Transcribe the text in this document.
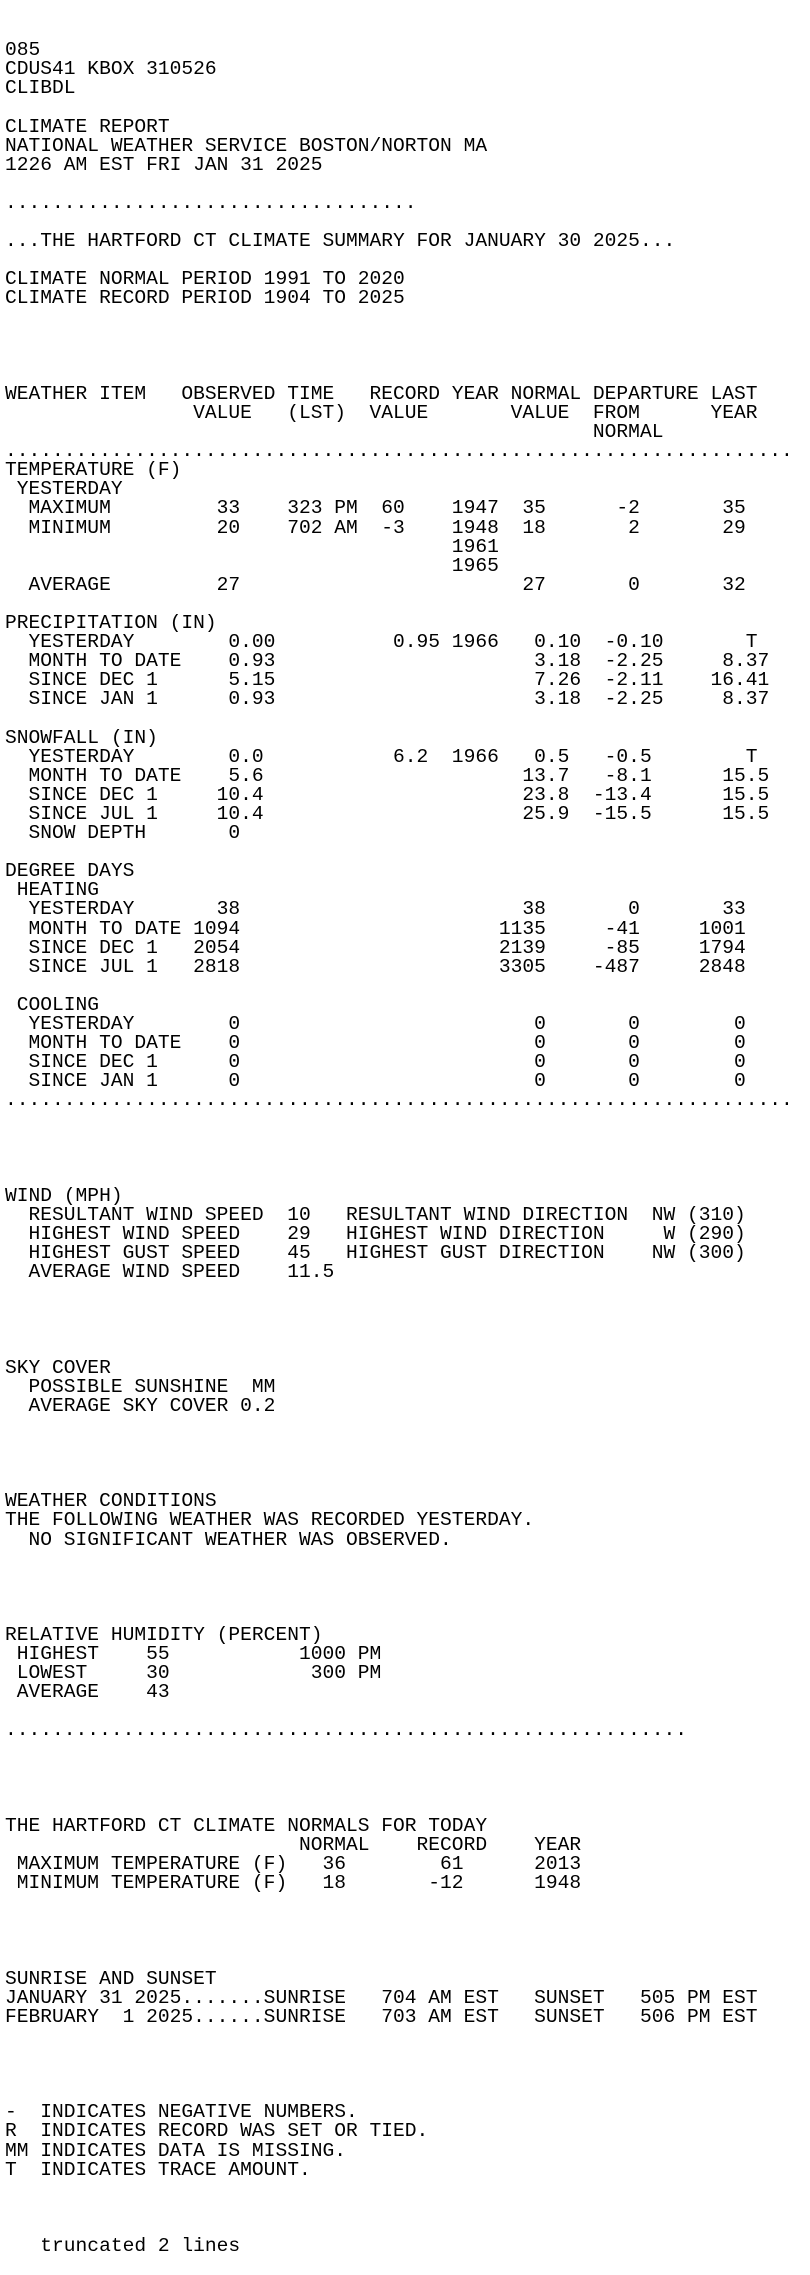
085
CDUS41 KBOX 310526
CLIBDL
CLIMATE REPORT
NATIONAL WEATHER SERVICE BOSTON/NORTON MA
1226 AM EST FRI JAN 31 2025
...................................
...THE HARTFORD CT CLIMATE SUMMARY FOR JANUARY 30 2025...
CLIMATE NORMAL PERIOD 1991 TO 2020
CLIMATE RECORD PERIOD 1904 TO 2025

WEATHER ITEM   OBSERVED TIME   RECORD YEAR NORMAL DEPARTURE LAST
VALUE   (LST)  VALUE       VALUE  FROM      YEAR
NORMAL
...................................................................
TEMPERATURE (F)
YESTERDAY
MAXIMUM         33    323 PM  60    1947  35      -2       35
MINIMUM         20    702 AM  -3    1948  18       2       29
1961
1965
AVERAGE         27                        27       0       32
PRECIPITATION (IN)
YESTERDAY        0.00          0.95 1966   0.10  -0.10       T
MONTH TO DATE    0.93                      3.18  -2.25     8.37
SINCE DEC 1      5.15                      7.26  -2.11    16.41
SINCE JAN 1      0.93                      3.18  -2.25     8.37
SNOWFALL (IN)
YESTERDAY        0.0           6.2  1966   0.5   -0.5        T
MONTH TO DATE    5.6                      13.7   -8.1      15.5
SINCE DEC 1     10.4                      23.8  -13.4      15.5
SINCE JUL 1     10.4                      25.9  -15.5      15.5
SNOW DEPTH       0
DEGREE DAYS
HEATING
YESTERDAY       38                        38       0       33
MONTH TO DATE 1094                      1135     -41     1001
SINCE DEC 1   2054                      2139     -85     1794
SINCE JUL 1   2818                      3305    -487     2848
COOLING
YESTERDAY        0                         0       0        0
MONTH TO DATE    0                         0       0        0
SINCE DEC 1      0                         0       0        0
SINCE JAN 1      0                         0       0        0
...................................................................

WIND (MPH)
RESULTANT WIND SPEED  10   RESULTANT WIND DIRECTION  NW (310)
HIGHEST WIND SPEED    29   HIGHEST WIND DIRECTION     W (290)
HIGHEST GUST SPEED    45   HIGHEST GUST DIRECTION    NW (300)
AVERAGE WIND SPEED    11.5

SKY COVER
POSSIBLE SUNSHINE  MM
AVERAGE SKY COVER 0.2

WEATHER CONDITIONS
THE FOLLOWING WEATHER WAS RECORDED YESTERDAY.
NO SIGNIFICANT WEATHER WAS OBSERVED.

RELATIVE HUMIDITY (PERCENT)
HIGHEST    55           1000 PM
LOWEST     30            300 PM
AVERAGE    43
..........................................................

THE HARTFORD CT CLIMATE NORMALS FOR TODAY
NORMAL    RECORD    YEAR
MAXIMUM TEMPERATURE (F)   36        61      2013
MINIMUM TEMPERATURE (F)   18       -12      1948

SUNRISE AND SUNSET
JANUARY 31 2025.......SUNRISE   704 AM EST   SUNSET   505 PM EST
FEBRUARY  1 2025......SUNRISE   703 AM EST   SUNSET   506 PM EST

-  INDICATES NEGATIVE NUMBERS.
R  INDICATES RECORD WAS SET OR TIED.
MM INDICATES DATA IS MISSING.
T  INDICATES TRACE AMOUNT.
truncated 2 lines
